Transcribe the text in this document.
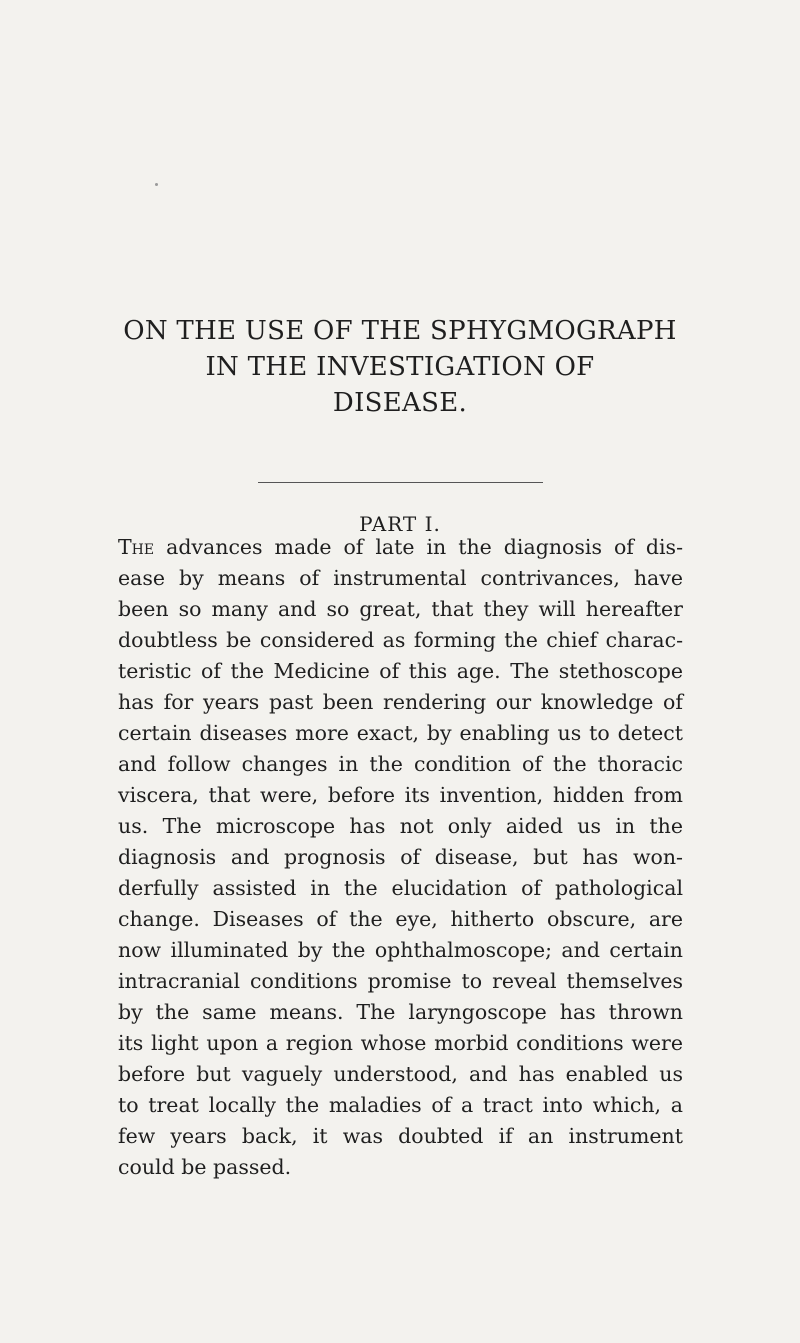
ON THE USE OF THE SPHYGMOGRAPH
IN THE INVESTIGATION OF
DISEASE.
PART I.
The advances made of late in the diagnosis of dis-
ease by means of instrumental contrivances, have
been so many and so great, that they will hereafter
doubtless be considered as forming the chief charac-
teristic of the Medicine of this age. The stethoscope
has for years past been rendering our knowledge of
certain diseases more exact, by enabling us to detect
and follow changes in the condition of the thoracic
viscera, that were, before its invention, hidden from
us. The microscope has not only aided us in the
diagnosis and prognosis of disease, but has won-
derfully assisted in the elucidation of pathological
change. Diseases of the eye, hitherto obscure, are
now illuminated by the ophthalmoscope; and certain
intracranial conditions promise to reveal themselves
by the same means. The laryngoscope has thrown
its light upon a region whose morbid conditions were
before but vaguely understood, and has enabled us
to treat locally the maladies of a tract into which, a
few years back, it was doubted if an instrument
could be passed.
